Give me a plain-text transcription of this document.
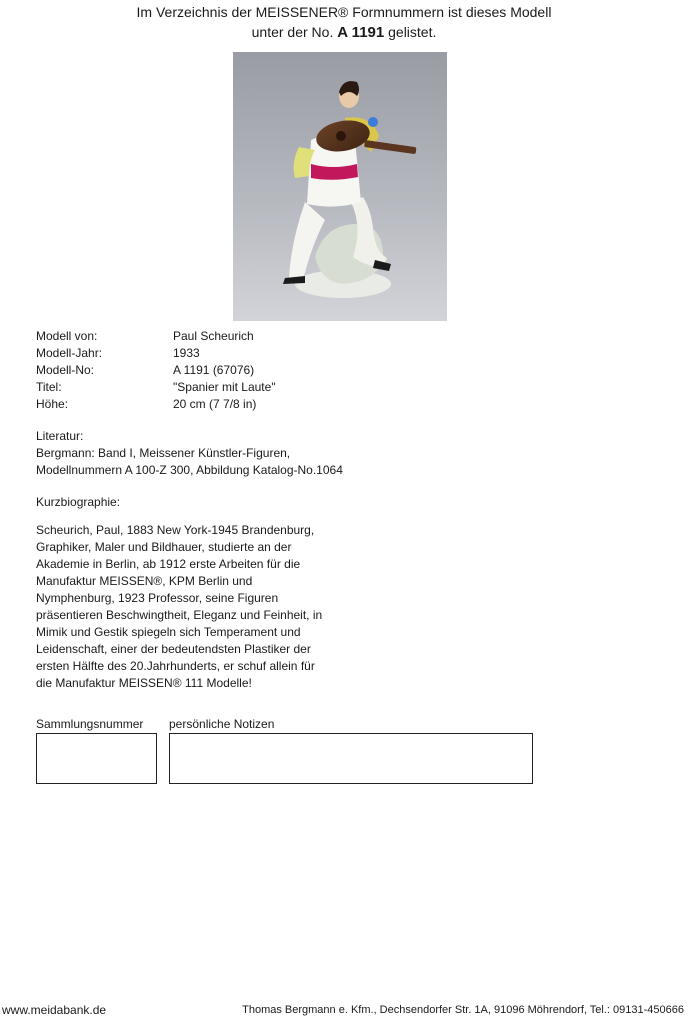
Im Verzeichnis der MEISSENER® Formnummern ist dieses Modell
unter der No. A 1191 gelistet.
Modell von:	Paul Scheurich
Modell-Jahr:	1933
Modell-No:	A 1191 (67076)
Titel:	"Spanier mit Laute"
Höhe:	20 cm (7 7/8 in)
Literatur:
Bergmann: Band I, Meissener Künstler-Figuren,
Modellnummern A 100-Z 300, Abbildung Katalog-No.1064
Kurzbiographie:
Scheurich, Paul, 1883 New York-1945 Brandenburg,
Graphiker, Maler und Bildhauer, studierte an der
Akademie in Berlin, ab 1912 erste Arbeiten für die
Manufaktur MEISSEN®, KPM Berlin und
Nymphenburg, 1923 Professor, seine Figuren
präsentieren Beschwingtheit, Eleganz und Feinheit, in
Mimik und Gestik spiegeln sich Temperament und
Leidenschaft, einer der bedeutendsten Plastiker der
ersten Hälfte des 20.Jahrhunderts, er schuf allein für
die Manufaktur MEISSEN® 111 Modelle!
Sammlungsnummer persönliche Notizen
www.meidabank.de	Thomas Bergmann e. Kfm., Dechsendorfer Str. 1A, 91096 Möhrendorf, Tel.: 09131-450666
